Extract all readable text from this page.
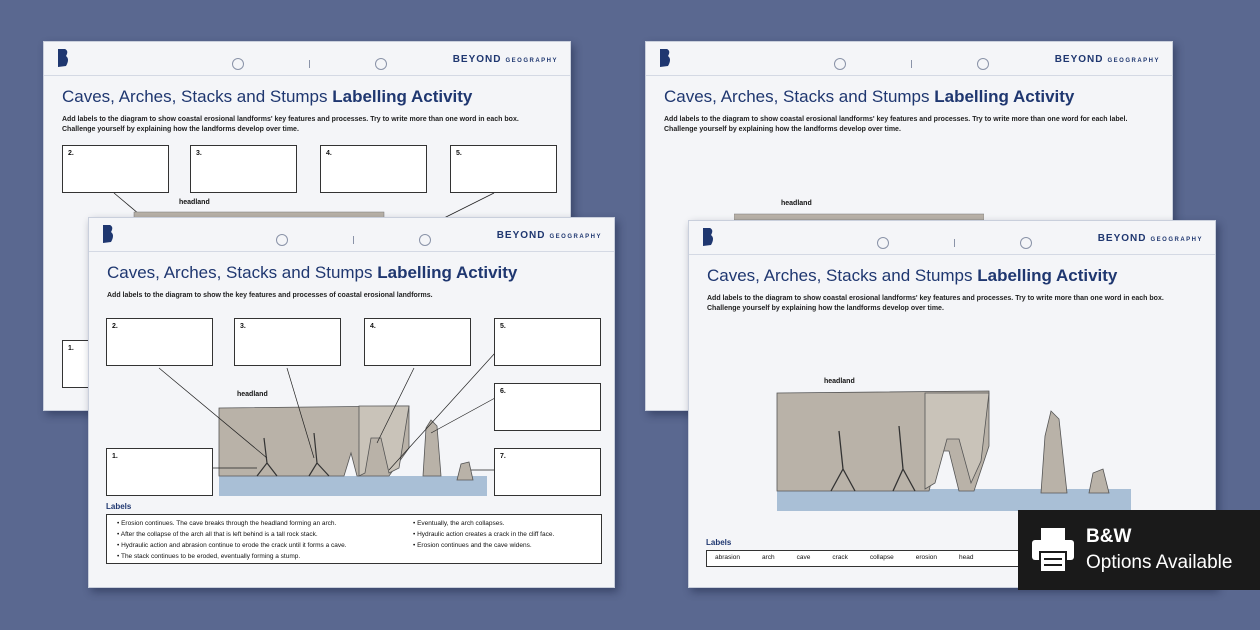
BEYOND GEOGRAPHY
Caves, Arches, Stacks and Stumps Labelling Activity
Add labels to the diagram to show coastal erosional landforms' key features and processes. Try to write more than one word in each box. Challenge yourself by explaining how the landforms develop over time.
2.	3.	4.	5.
1.
headland
BEYOND GEOGRAPHY
Caves, Arches, Stacks and Stumps Labelling Activity
Add labels to the diagram to show coastal erosional landforms' key features and processes. Try to write more than one word for each label. Challenge yourself by explaining how the landforms develop over time.
headland
BEYOND GEOGRAPHY
Caves, Arches, Stacks and Stumps Labelling Activity
Add labels to the diagram to show the key features and processes of coastal erosional landforms.
headland
2.	3.	4.	5.
6.
1.	7.
Labels
• Erosion continues. The cave breaks through the headland forming an arch.
• After the collapse of the arch all that is left behind is a tall rock stack.
• Hydraulic action and abrasion continue to erode the crack until it forms a cave.
• The stack continues to be eroded, eventually forming a stump.
• Eventually, the arch collapses.
• Hydraulic action creates a crack in the cliff face.
• Erosion continues and the cave widens.
BEYOND GEOGRAPHY
Caves, Arches, Stacks and Stumps Labelling Activity
Add labels to the diagram to show coastal erosional landforms' key features and processes. Try to write more than one word in each box. Challenge yourself by explaining how the landforms develop over time.
headland
Labels
abrasion	arch	cave	crack	collapse	erosion	head
B&W
Options Available
